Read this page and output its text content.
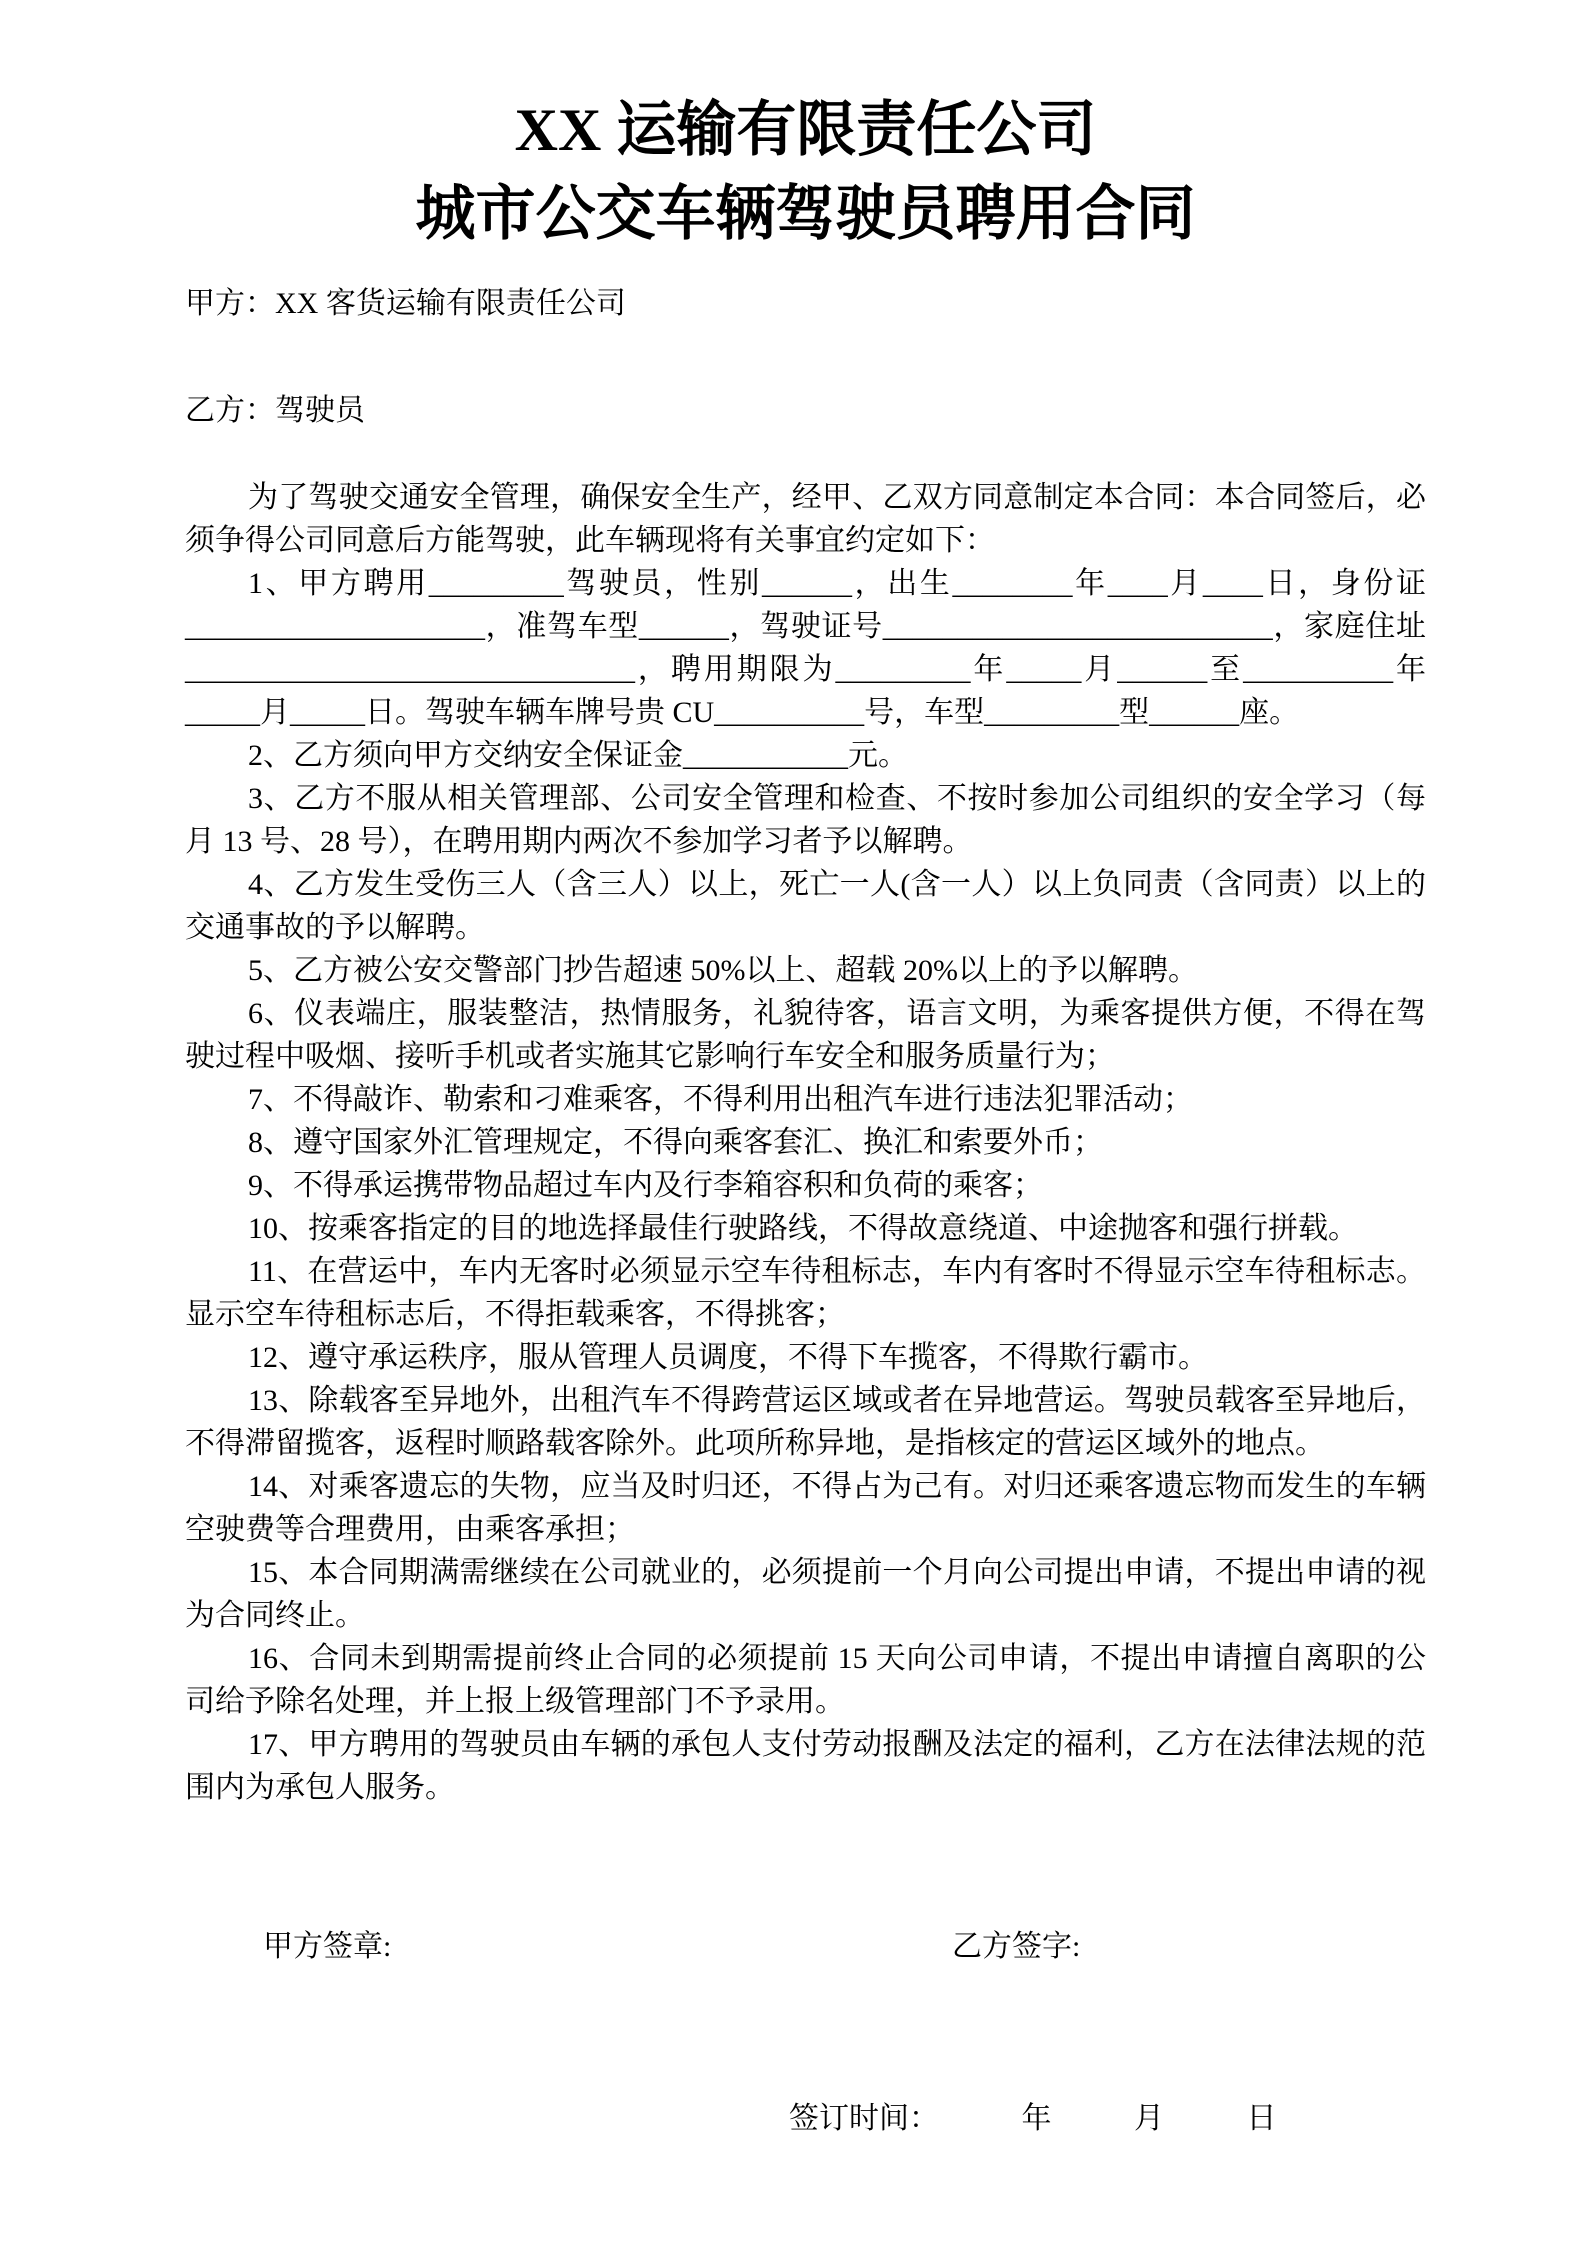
XX 运输有限责任公司
城市公交车辆驾驶员聘用合同
甲方：XX 客货运输有限责任公司
乙方：驾驶员

为了驾驶交通安全管理，确保安全生产，经甲、乙双方同意制定本合同：本合同签后，必须争得公司同意后方能驾驶，此车辆现将有关事宜约定如下：

1、甲方聘用_________驾驶员，性别______，出生________年____月____日，身份证____________________，准驾车型______，驾驶证号__________________________，家庭住址 ______________________________，聘用期限为_________年_____月______至__________年_____月_____日。驾驶车辆车牌号贵 CU__________号，车型_________型______座。

2、乙方须向甲方交纳安全保证金___________元。

3、乙方不服从相关管理部、公司安全管理和检查、不按时参加公司组织的安全学习（每月 13 号、28 号），在聘用期内两次不参加学习者予以解聘。

4、乙方发生受伤三人（含三人）以上，死亡一人(含一人）以上负同责（含同责）以上的交通事故的予以解聘。

5、乙方被公安交警部门抄告超速 50%以上、超载 20%以上的予以解聘。

6、仪表端庄，服装整洁，热情服务，礼貌待客，语言文明，为乘客提供方便，不得在驾驶过程中吸烟、接听手机或者实施其它影响行车安全和服务质量行为；

7、不得敲诈、勒索和刁难乘客，不得利用出租汽车进行违法犯罪活动；

8、遵守国家外汇管理规定，不得向乘客套汇、换汇和索要外币；

9、不得承运携带物品超过车内及行李箱容积和负荷的乘客；

10、按乘客指定的目的地选择最佳行驶路线，不得故意绕道、中途抛客和强行拼载。

11、在营运中，车内无客时必须显示空车待租标志，车内有客时不得显示空车待租标志。显示空车待租标志后，不得拒载乘客，不得挑客；

12、遵守承运秩序，服从管理人员调度，不得下车揽客，不得欺行霸市。

13、除载客至异地外，出租汽车不得跨营运区域或者在异地营运。驾驶员载客至异地后，不得滞留揽客，返程时顺路载客除外。此项所称异地，是指核定的营运区域外的地点。

14、对乘客遗忘的失物，应当及时归还，不得占为己有。对归还乘客遗忘物而发生的车辆空驶费等合理费用，由乘客承担；

15、本合同期满需继续在公司就业的，必须提前一个月向公司提出申请，不提出申请的视为合同终止。

16、合同未到期需提前终止合同的必须提前 15 天向公司申请，不提出申请擅自离职的公司给予除名处理，并上报上级管理部门不予录用。

17、甲方聘用的驾驶员由车辆的承包人支付劳动报酬及法定的福利，乙方在法律法规的范围内为承包人服务。

甲方签章:	乙方签字:
签订时间：	年	月	日
